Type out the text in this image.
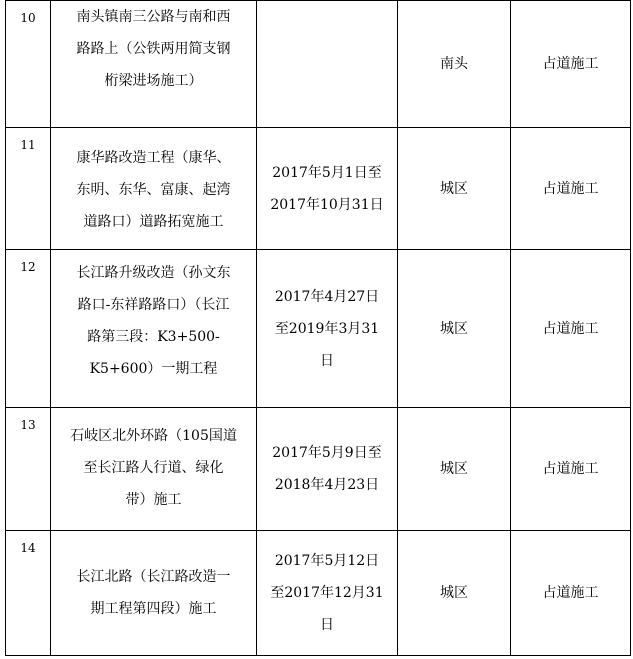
10	南头镇南三公路与南和西
路路上（公铁两用简支钢
桁梁进场施工）		南头	占道施工
11	康华路改造工程（康华、
东明、东华、富康、起湾
道路口）道路拓宽施工	2017年5月1日至
2017年10月31日	城区	占道施工
12	长江路升级改造（孙文东
路口-东祥路路口）（长江
路第三段：K3+500-
K5+600）一期工程	2017年4月27日
至2019年3月31
日	城区	占道施工
13	石岐区北外环路（105国道
至长江路人行道、绿化
带）施工	2017年5月9日至
2018年4月23日	城区	占道施工
14	长江北路（长江路改造一
期工程第四段）施工	2017年5月12日
至2017年12月31
日	城区	占道施工
